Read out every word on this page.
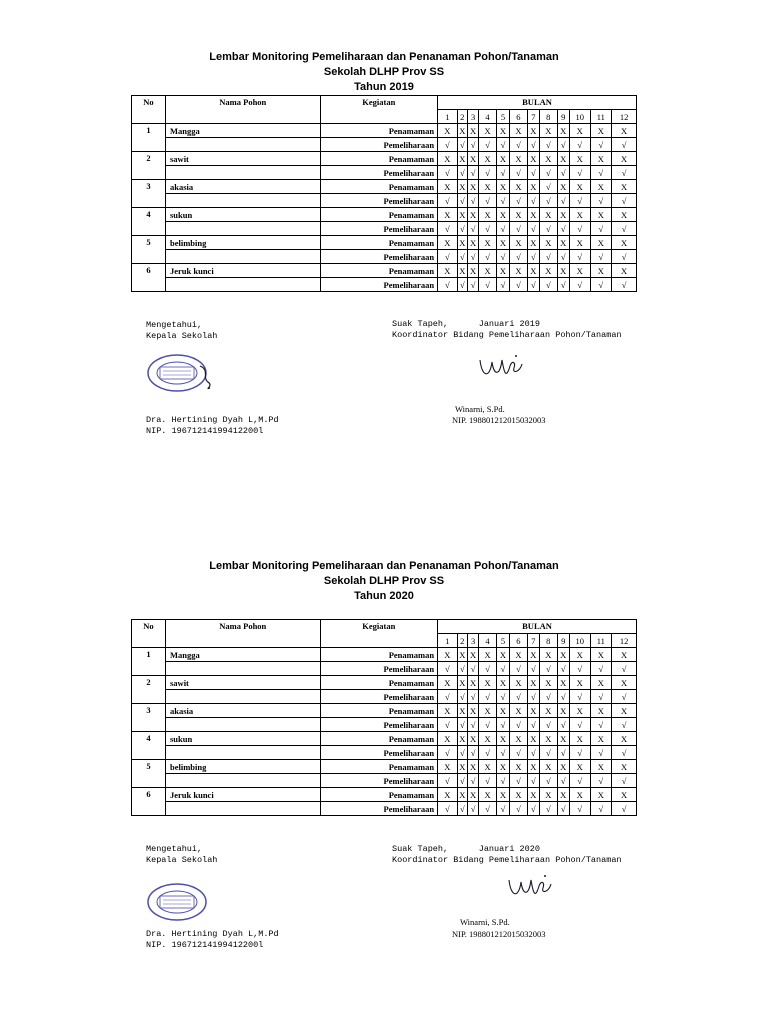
Lembar Monitoring Pemeliharaan dan Penanaman Pohon/Tanaman
Sekolah DLHP Prov SS
Tahun 2019
No	Nama Pohon	Kegiatan	BULAN											
			1	2	3	4	5	6	7	8	9	10	11	12
1	Mangga	Penamaman	X	X	X	X	X	X	X	X	X	X	X	X
		Pemeliharaan	√	√	√	√	√	√	√	√	√	√	√	√
2	sawit	Penamaman	X	X	X	X	X	X	X	X	X	X	X	X
		Pemeliharaan	√	√	√	√	√	√	√	√	√	√	√	√
3	akasia	Penamaman	X	X	X	X	X	X	X	√	X	X	X	X
		Pemeliharaan	√	√	√	√	√	√	√	√	√	√	√	√
4	sukun	Penamaman	X	X	X	X	X	X	X	X	X	X	X	X
		Pemeliharaan	√	√	√	√	√	√	√	√	√	√	√	√
5	belimbing	Penamaman	X	X	X	X	X	X	X	X	X	X	X	X
		Pemeliharaan	√	√	√	√	√	√	√	√	√	√	√	√
6	Jeruk kunci	Penamaman	X	X	X	X	X	X	X	X	X	X	X	X
		Pemeliharaan	√	√	√	√	√	√	√	√	√	√	√	√
Mengetahui,
Kepala Sekolah
Dra. Hertining Dyah L,M.Pd
NIP. 19671214199412200l
Suak Tapeh,      Januari 2019
Koordinator Bidang Pemeliharaan Pohon/Tanaman
Winarni, S.Pd.
NIP. 198801212015032003
Lembar Monitoring Pemeliharaan dan Penanaman Pohon/Tanaman
Sekolah DLHP Prov SS
Tahun 2020
No	Nama Pohon	Kegiatan	BULAN											
			1	2	3	4	5	6	7	8	9	10	11	12
1	Mangga	Penamaman	X	X	X	X	X	X	X	X	X	X	X	X
		Pemeliharaan	√	√	√	√	√	√	√	√	√	√	√	√
2	sawit	Penamaman	X	X	X	X	X	X	X	X	X	X	X	X
		Pemeliharaan	√	√	√	√	√	√	√	√	√	√	√	√
3	akasia	Penamaman	X	X	X	X	X	X	X	X	X	X	X	X
		Pemeliharaan	√	√	√	√	√	√	√	√	√	√	√	√
4	sukun	Penamaman	X	X	X	X	X	X	X	X	X	X	X	X
		Pemeliharaan	√	√	√	√	√	√	√	√	√	√	√	√
5	belimbing	Penamaman	X	X	X	X	X	X	X	X	X	X	X	X
		Pemeliharaan	√	√	√	√	√	√	√	√	√	√	√	√
6	Jeruk kunci	Penamaman	X	X	X	X	X	X	X	X	X	X	X	X
		Pemeliharaan	√	√	√	√	√	√	√	√	√	√	√	√
Mengetahui,
Kepala Sekolah
Dra. Hertining Dyah L,M.Pd
NIP. 19671214199412200l
Suak Tapeh,      Januari 2020
Koordinator Bidang Pemeliharaan Pohon/Tanaman
Winarni, S.Pd.
NIP. 198801212015032003
